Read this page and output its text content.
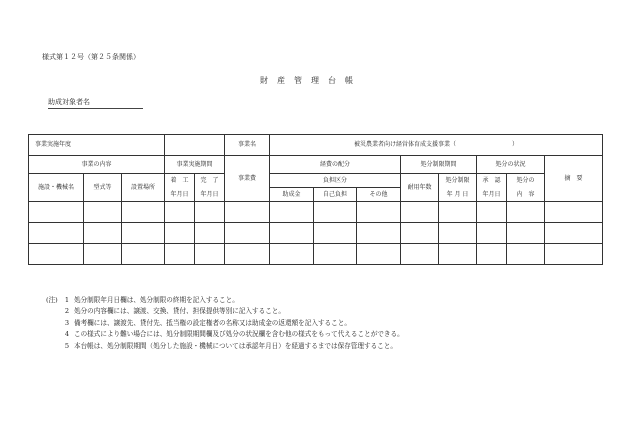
様式第１２号（第２５条関係）
財産管理台帳
助成対象者名
事業実施年度					事業名	被災農業者向け経営体育成支援事業（ ）							
事業の内容			事業実施期間		事業費	経費の配分			処分制限期間		処分の状況		摘　要
施設・機械名	型式等	設置場所	着　工	完　了		負担区分			耐用年数	処分制限	承　認	処分の	
			年月日	年月日		助成金	自己負担	その他		年 月 日	年月日	内　容	

(注)	1 処分制限年月日欄は、処分制限の終期を記入すること。
2 処分の内容欄には、譲渡、交換、貸付、担保提供等別に記入すること。
3 備考欄には、譲渡先、貸付先、抵当権の設定権者の名称又は助成金の返還額を記入すること。
4 この様式により難い場合には、処分制限期間欄及び処分の状況欄を含む他の様式をもって代えることができる。
5 本台帳は、処分制限期間（処分した施設・機械については承認年月日）を経過するまでは保存管理すること。
